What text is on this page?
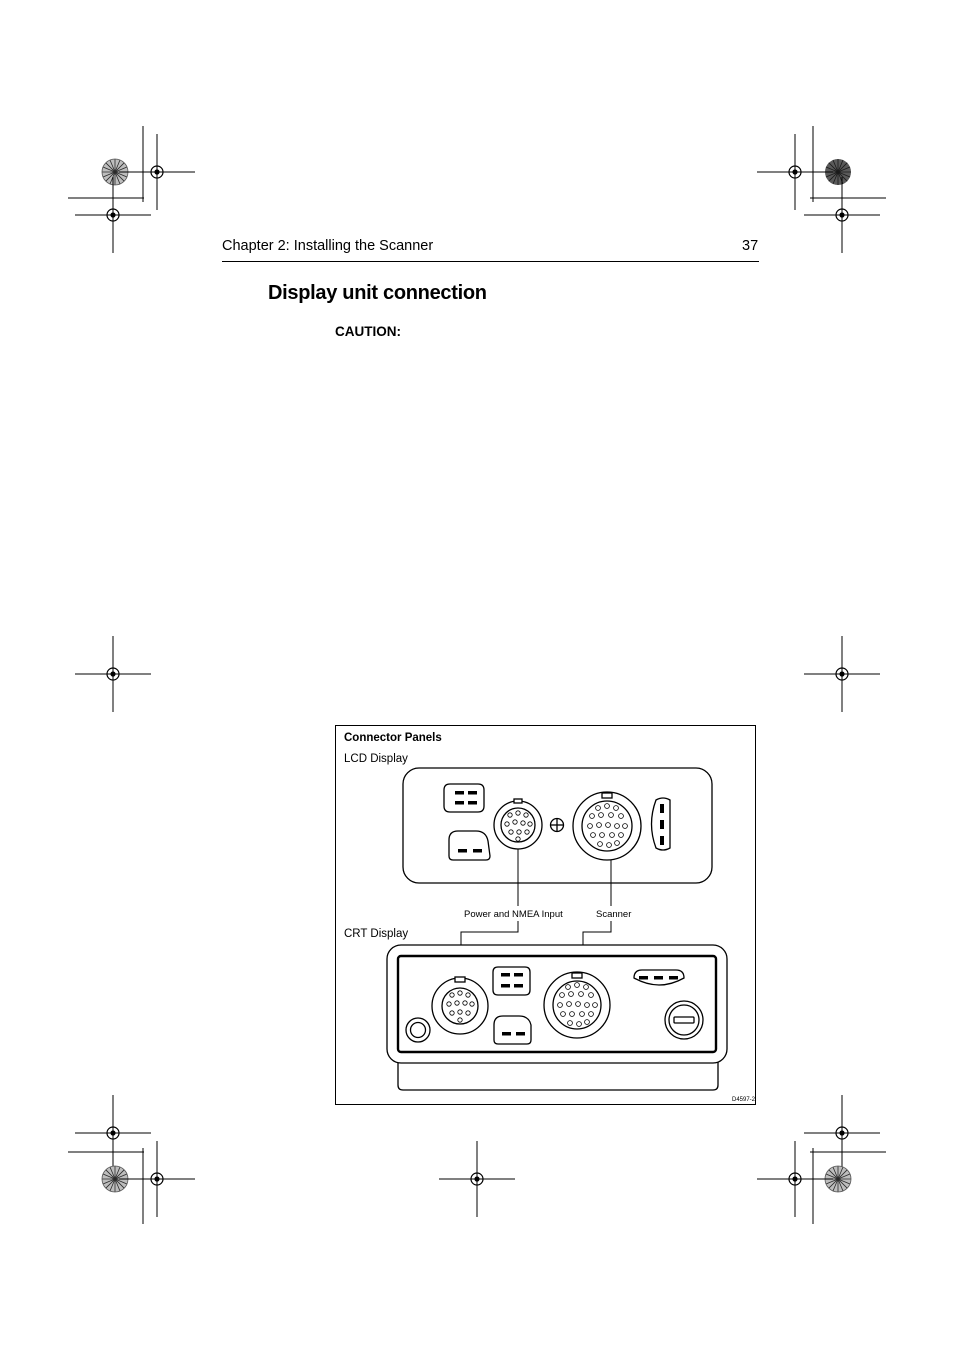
Chapter 2: Installing the Scanner	37
Display unit connection
CAUTION:
Connector Panels
LCD Display
CRT Display
Power and NMEA Input	Scanner
D4597-2
